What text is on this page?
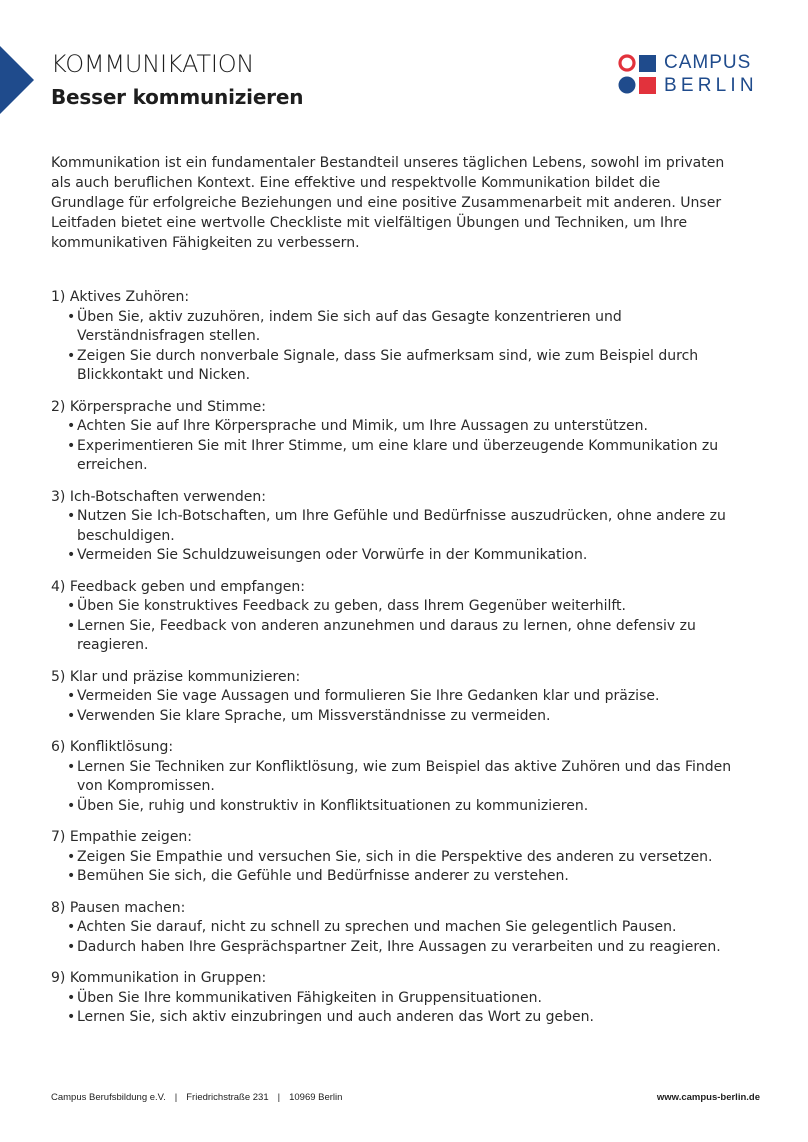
KOMMUNIKATION
Besser kommunizieren
CAMPUS
BERLIN

Kommunikation ist ein fundamentaler Bestandteil unseres täglichen Lebens, sowohl im privaten als auch beruflichen Kontext. Eine effektive und respektvolle Kommunikation bildet die Grundlage für erfolgreiche Beziehungen und eine positive Zusammenarbeit mit anderen. Unser Leitfaden bietet eine wertvolle Checkliste mit vielfältigen Übungen und Techniken, um Ihre kommunikativen Fähigkeiten zu verbessern.

1) Aktives Zuhören:
• Üben Sie, aktiv zuzuhören, indem Sie sich auf das Gesagte konzentrieren und Verständnisfragen stellen.
• Zeigen Sie durch nonverbale Signale, dass Sie aufmerksam sind, wie zum Beispiel durch Blickkontakt und Nicken.
2) Körpersprache und Stimme:
• Achten Sie auf Ihre Körpersprache und Mimik, um Ihre Aussagen zu unterstützen.
• Experimentieren Sie mit Ihrer Stimme, um eine klare und überzeugende Kommunikation zu erreichen.
3) Ich-Botschaften verwenden:
• Nutzen Sie Ich-Botschaften, um Ihre Gefühle und Bedürfnisse auszudrücken, ohne andere zu beschuldigen.
• Vermeiden Sie Schuldzuweisungen oder Vorwürfe in der Kommunikation.
4) Feedback geben und empfangen:
• Üben Sie konstruktives Feedback zu geben, dass Ihrem Gegenüber weiterhilft.
• Lernen Sie, Feedback von anderen anzunehmen und daraus zu lernen, ohne defensiv zu reagieren.
5) Klar und präzise kommunizieren:
• Vermeiden Sie vage Aussagen und formulieren Sie Ihre Gedanken klar und präzise.
• Verwenden Sie klare Sprache, um Missverständnisse zu vermeiden.
6) Konfliktlösung:
• Lernen Sie Techniken zur Konfliktlösung, wie zum Beispiel das aktive Zuhören und das Finden von Kompromissen.
• Üben Sie, ruhig und konstruktiv in Konfliktsituationen zu kommunizieren.
7) Empathie zeigen:
• Zeigen Sie Empathie und versuchen Sie, sich in die Perspektive des anderen zu versetzen.
• Bemühen Sie sich, die Gefühle und Bedürfnisse anderer zu verstehen.
8) Pausen machen:
• Achten Sie darauf, nicht zu schnell zu sprechen und machen Sie gelegentlich Pausen.
• Dadurch haben Ihre Gesprächspartner Zeit, Ihre Aussagen zu verarbeiten und zu reagieren.
9) Kommunikation in Gruppen:
• Üben Sie Ihre kommunikativen Fähigkeiten in Gruppensituationen.
• Lernen Sie, sich aktiv einzubringen und auch anderen das Wort zu geben.
Campus Berufsbildung e.V. | Friedrichstraße 231 | 10969 Berlin	www.campus-berlin.de
